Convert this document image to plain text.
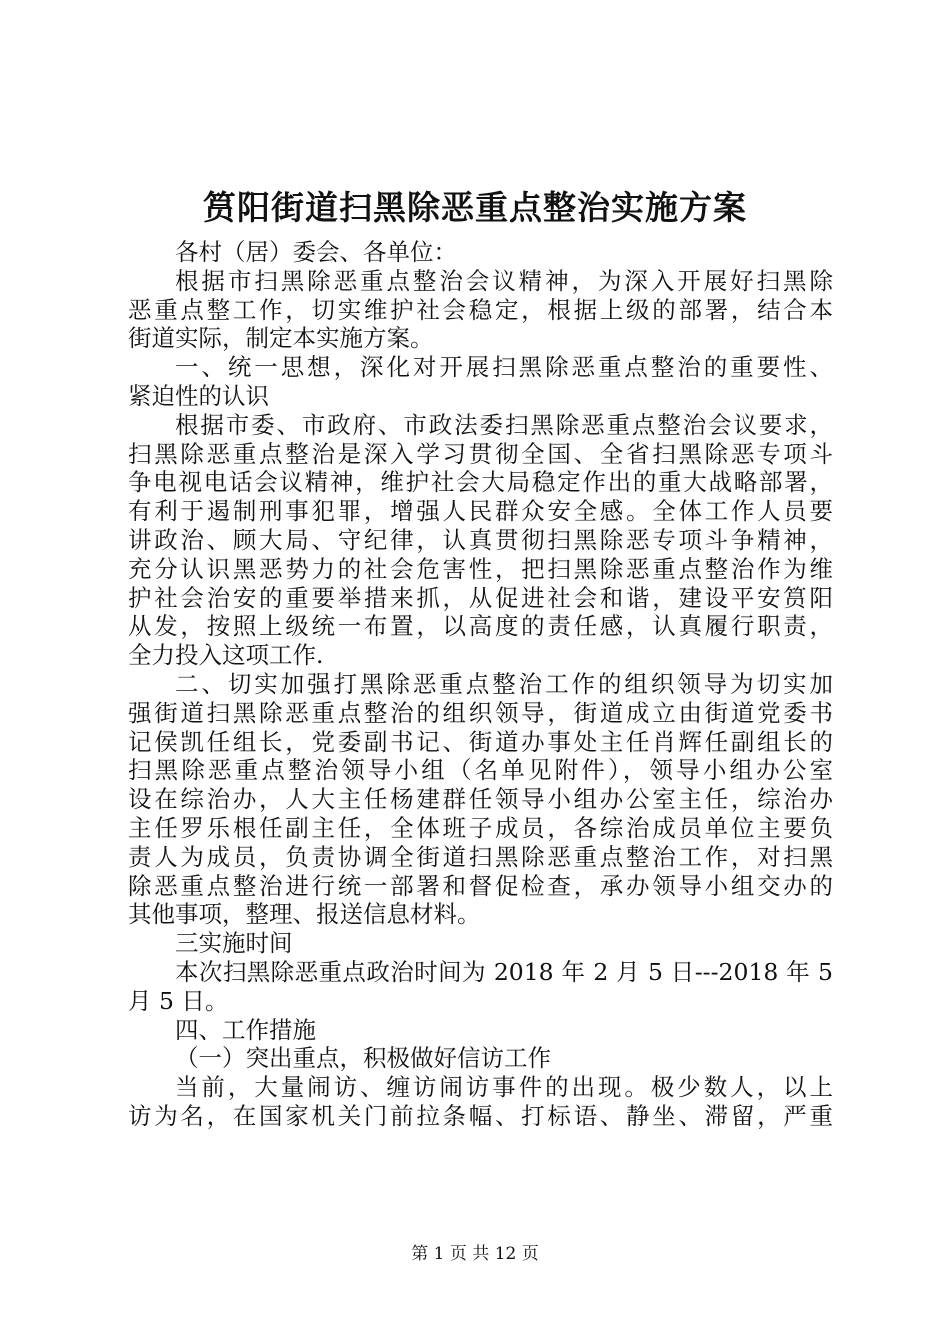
筼阳街道扫黑除恶重点整治实施方案
各村（居）委会、各单位：
根据市扫黑除恶重点整治会议精神，为深入开展好扫黑除
恶重点整工作，切实维护社会稳定，根据上级的部署，结合本
街道实际，制定本实施方案。
一、统一思想，深化对开展扫黑除恶重点整治的重要性、
紧迫性的认识
根据市委、市政府、市政法委扫黑除恶重点整治会议要求，
扫黑除恶重点整治是深入学习贯彻全国、全省扫黑除恶专项斗
争电视电话会议精神，维护社会大局稳定作出的重大战略部署，
有利于遏制刑事犯罪，增强人民群众安全感。全体工作人员要
讲政治、顾大局、守纪律，认真贯彻扫黑除恶专项斗争精神，
充分认识黑恶势力的社会危害性，把扫黑除恶重点整治作为维
护社会治安的重要举措来抓，从促进社会和谐，建设平安筼阳
从发，按照上级统一布置，以高度的责任感，认真履行职责，
全力投入这项工作.
二、切实加强打黑除恶重点整治工作的组织领导为切实加
强街道扫黑除恶重点整治的组织领导，街道成立由街道党委书
记侯凯任组长，党委副书记、街道办事处主任肖辉任副组长的
扫黑除恶重点整治领导小组（名单见附件），领导小组办公室
设在综治办，人大主任杨建群任领导小组办公室主任，综治办
主任罗乐根任副主任，全体班子成员，各综治成员单位主要负
责人为成员，负责协调全街道扫黑除恶重点整治工作，对扫黑
除恶重点整治进行统一部署和督促检查，承办领导小组交办的
其他事项，整理、报送信息材料。
三实施时间
本次扫黑除恶重点政治时间为 2018 年 2 月 5 日---2018 年 5
月 5 日。
四、工作措施
（一）突出重点，积极做好信访工作
当前，大量闹访、缠访闹访事件的出现。极少数人，以上
访为名，在国家机关门前拉条幅、打标语、静坐、滞留，严重
第 1 页 共 12 页
